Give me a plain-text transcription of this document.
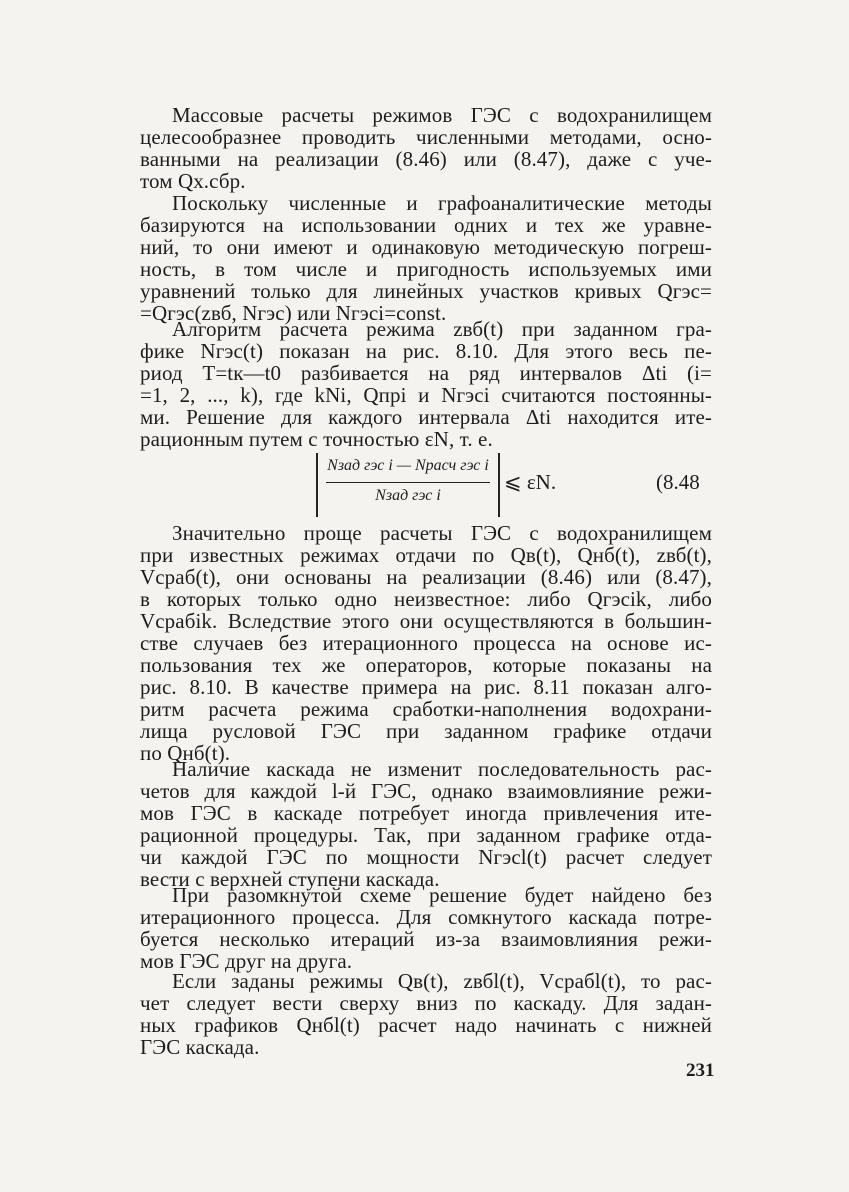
Массовые расчеты режимов ГЭС с водохранилищем
целесообразнее проводить численными методами, осно-
ванными на реализации (8.46) или (8.47), даже с уче-
том Qх.сбр.
Поскольку численные и графоаналитические методы
базируются на использовании одних и тех же уравне-
ний, то они имеют и одинаковую методическую погреш-
ность, в том числе и пригодность используемых ими
уравнений только для линейных участков кривых Qгэс=
=Qгэс(zвб, Nгэс) или Nгэсi=const.
Алгоритм расчета режима zвб(t) при заданном гра-
фике Nгэс(t) показан на рис. 8.10. Для этого весь пе-
риод T=tк—t0 разбивается на ряд интервалов Δti (i=
=1, 2, ..., k), где kNi, Qпрi и Nгэсi считаются постоянны-
ми. Решение для каждого интервала Δti находится ите-
рационным путем с точностью εN, т. е.
Значительно проще расчеты ГЭС с водохранилищем
при известных режимах отдачи по Qв(t), Qнб(t), zвб(t),
Vсраб(t), они основаны на реализации (8.46) или (8.47),
в которых только одно неизвестное: либо Qгэсik, либо
Vсрабik. Вследствие этого они осуществляются в большин-
стве случаев без итерационного процесса на основе ис-
пользования тех же операторов, которые показаны на
рис. 8.10. В качестве примера на рис. 8.11 показан алго-
ритм расчета режима сработки-наполнения водохрани-
лища русловой ГЭС при заданном графике отдачи
по Qнб(t).
Наличие каскада не изменит последовательность рас-
четов для каждой l-й ГЭС, однако взаимовлияние режи-
мов ГЭС в каскаде потребует иногда привлечения ите-
рационной процедуры. Так, при заданном графике отда-
чи каждой ГЭС по мощности Nгэсl(t) расчет следует
вести с верхней ступени каскада.
При разомкнутой схеме решение будет найдено без
итерационного процесса. Для сомкнутого каскада потре-
буется несколько итераций из-за взаимовлияния режи-
мов ГЭС друг на друга.
Если заданы режимы Qв(t), zвбl(t), Vсрабl(t), то рас-
чет следует вести сверху вниз по каскаду. Для задан-
ных графиков Qнбl(t) расчет надо начинать с нижней
ГЭС каскада.
Nзад гэс i — Nрасч гэс i
Nзад гэс i
⩽ εN.	(8.48
231
